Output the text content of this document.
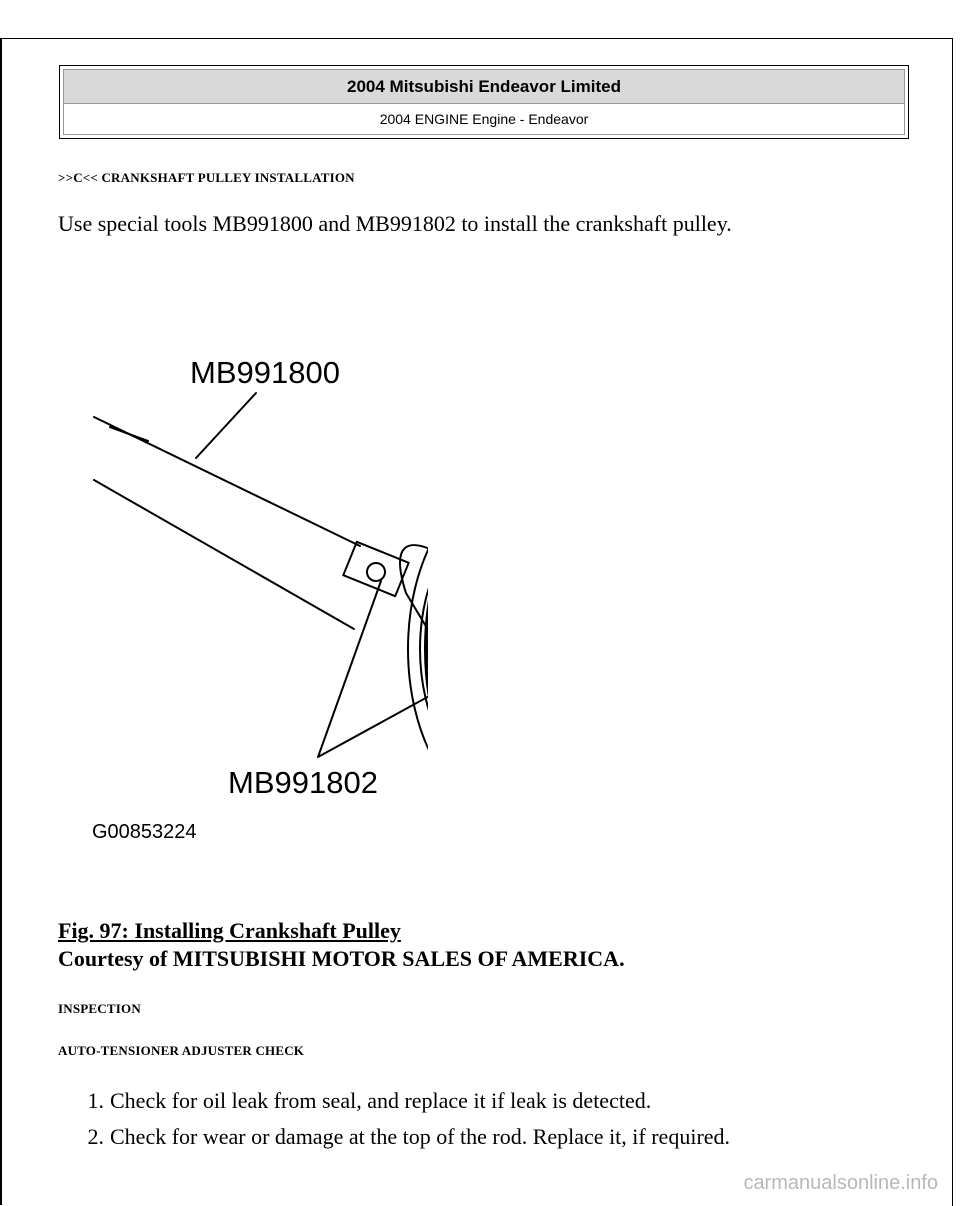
2004 Mitsubishi Endeavor Limited
2004 ENGINE Engine - Endeavor
>>C<< CRANKSHAFT PULLEY INSTALLATION
Use special tools MB991800 and MB991802 to install the crankshaft pulley.
MB991800
MB991802
G00853224
Fig. 97: Installing Crankshaft Pulley
Courtesy of MITSUBISHI MOTOR SALES OF AMERICA.
INSPECTION
AUTO-TENSIONER ADJUSTER CHECK
1. Check for oil leak from seal, and replace it if leak is detected.
2. Check for wear or damage at the top of the rod. Replace it, if required.
carmanualsonline.info
